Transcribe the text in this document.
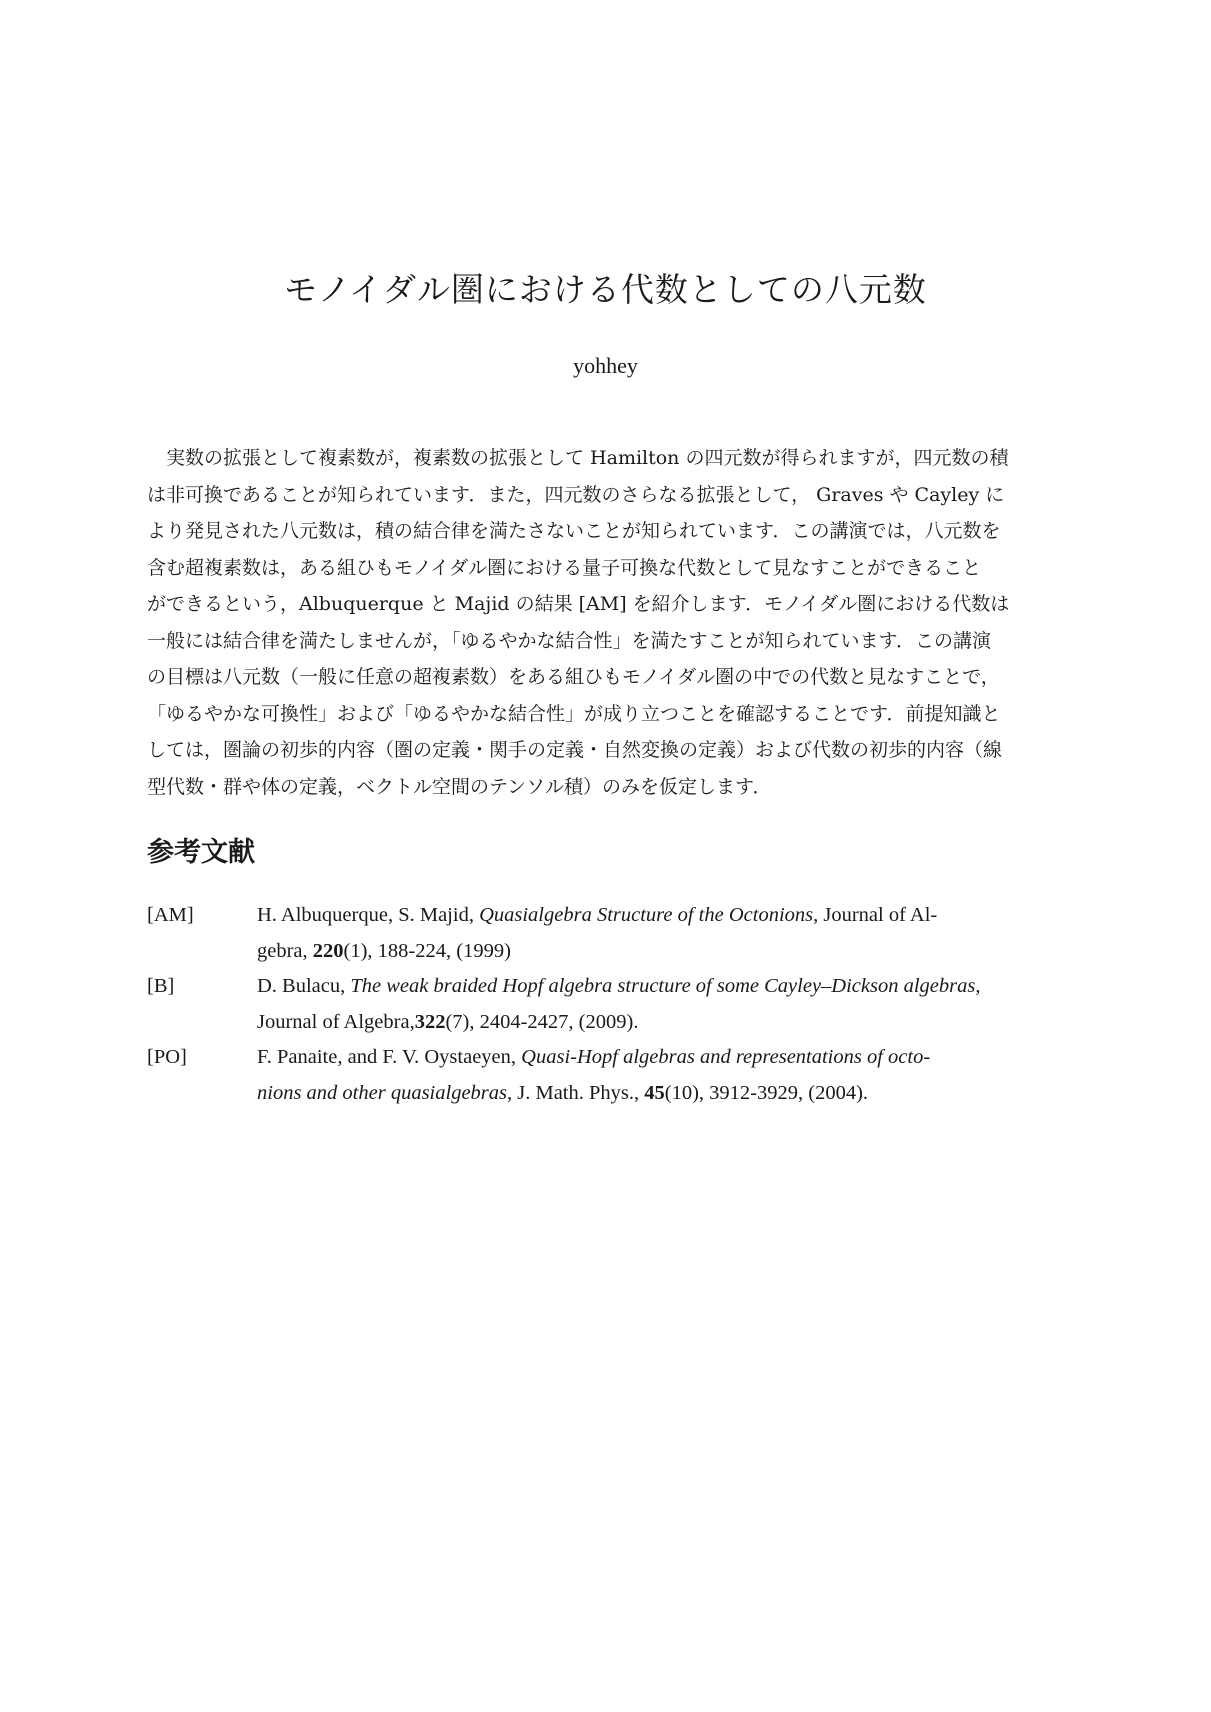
モノイダル圏における代数としての八元数
yohhey
実数の拡張として複素数が，複素数の拡張として Hamilton の四元数が得られますが，四元数の積
は非可換であることが知られています．また，四元数のさらなる拡張として， Graves や Cayley に
より発見された八元数は，積の結合律を満たさないことが知られています．この講演では，八元数を
含む超複素数は，ある組ひもモノイダル圏における量子可換な代数として見なすことができること
ができるという，Albuquerque と Majid の結果 [AM] を紹介します．モノイダル圏における代数は
一般には結合律を満たしませんが，「ゆるやかな結合性」を満たすことが知られています．この講演
の目標は八元数（一般に任意の超複素数）をある組ひもモノイダル圏の中での代数と見なすことで，
「ゆるやかな可換性」および「ゆるやかな結合性」が成り立つことを確認することです．前提知識と
しては，圏論の初歩的内容（圏の定義・関手の定義・自然変換の定義）および代数の初歩的内容（線
型代数・群や体の定義，ベクトル空間のテンソル積）のみを仮定します．
参考文献
[AM]	H. Albuquerque, S. Majid, Quasialgebra Structure of the Octonions, Journal of Al-
gebra, 220(1), 188-224, (1999)
[B]	D. Bulacu, The weak braided Hopf algebra structure of some Cayley–Dickson algebras,
Journal of Algebra,322(7), 2404-2427, (2009).
[PO]	F. Panaite, and F. V. Oystaeyen, Quasi-Hopf algebras and representations of octo-
nions and other quasialgebras, J. Math. Phys., 45(10), 3912-3929, (2004).
